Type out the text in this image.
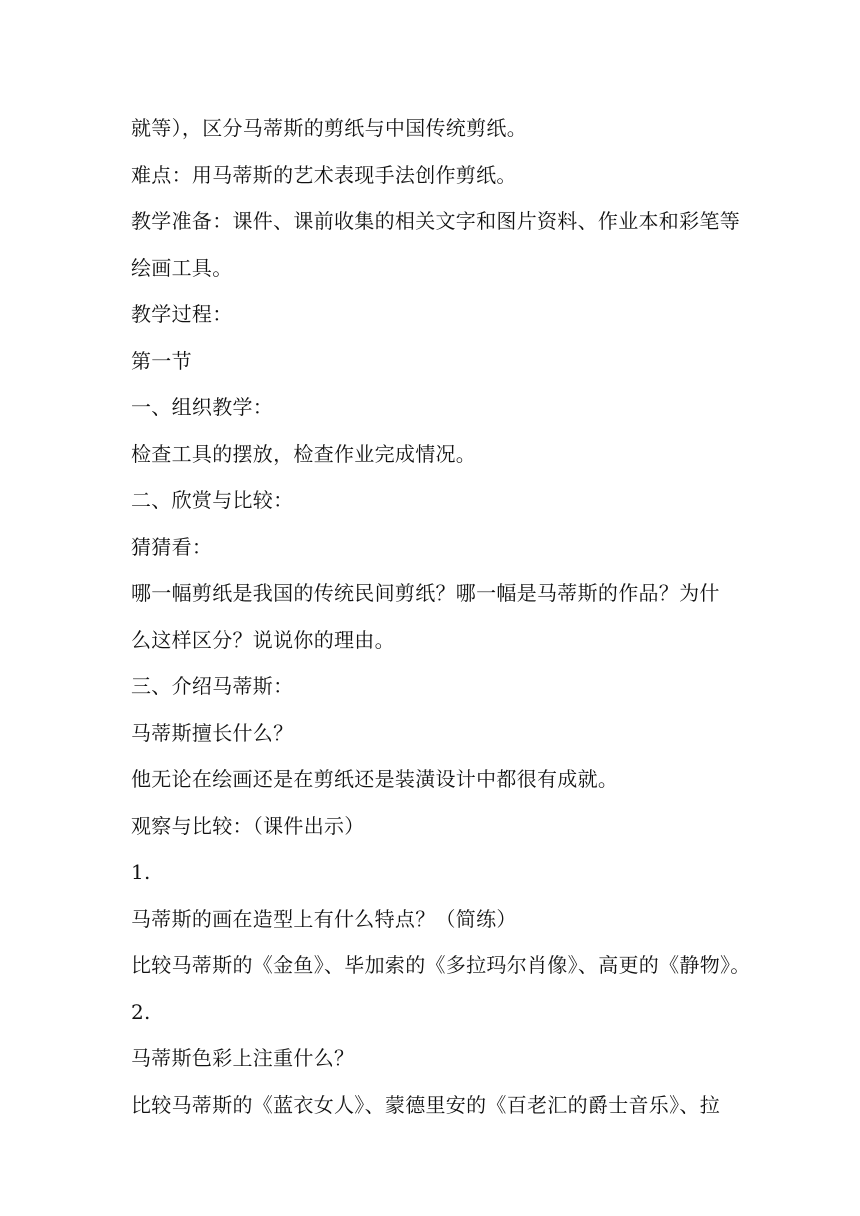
就等），区分马蒂斯的剪纸与中国传统剪纸。
难点：用马蒂斯的艺术表现手法创作剪纸。
教学准备：课件、课前收集的相关文字和图片资料、作业本和彩笔等
绘画工具。
教学过程：
第一节
一、组织教学：
检查工具的摆放，检查作业完成情况。
二、欣赏与比较：
猜猜看：
哪一幅剪纸是我国的传统民间剪纸？哪一幅是马蒂斯的作品？为什
么这样区分？说说你的理由。
三、介绍马蒂斯：
马蒂斯擅长什么？
他无论在绘画还是在剪纸还是装潢设计中都很有成就。
观察与比较：（课件出示）
1.
马蒂斯的画在造型上有什么特点？（简练）
比较马蒂斯的《金鱼》、毕加索的《多拉玛尔肖像》、高更的《静物》。
2.
马蒂斯色彩上注重什么？
比较马蒂斯的《蓝衣女人》、蒙德里安的《百老汇的爵士音乐》、拉
